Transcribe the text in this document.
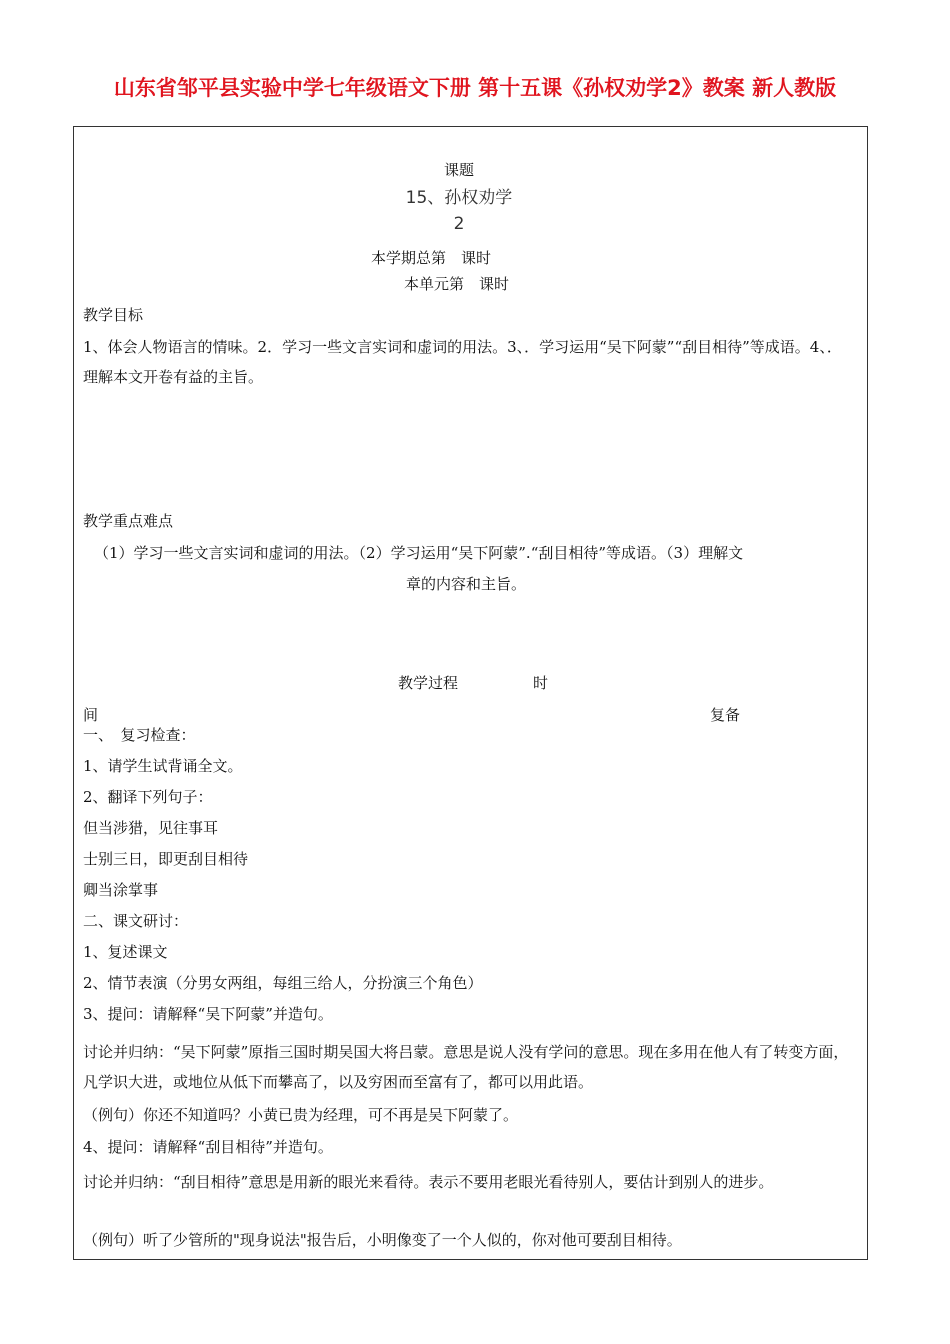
山东省邹平县实验中学七年级语文下册 第十五课《孙权劝学2》教案 新人教版
课题
15、孙权劝学
2
本学期总第　课时
本单元第　课时
教学目标
1、体会人物语言的情味。2．学习一些文言实词和虚词的用法。3、．学习运用“吴下阿蒙”“刮目相待”等成语。4、．理解本文开卷有益的主旨。
教学重点难点
（1）学习一些文言实词和虚词的用法。（2）学习运用“吴下阿蒙”.“刮目相待”等成语。（3）理解文
章的内容和主旨。
教学过程	时
间	复备
一、　复习检查：
1、请学生试背诵全文。
2、翻译下列句子：
但当涉猎，见往事耳
士别三日，即更刮目相待
卿当涂掌事
二、课文研讨：
1、复述课文
2、情节表演（分男女两组，每组三给人，分扮演三个角色）
3、提问：请解释“吴下阿蒙”并造句。
讨论并归纳：“吴下阿蒙”原指三国时期吴国大将吕蒙。意思是说人没有学问的意思。现在多用在他人有了转变方面，凡学识大进，或地位从低下而攀高了，以及穷困而至富有了，都可以用此语。
（例句）你还不知道吗？小黄已贵为经理，可不再是吴下阿蒙了。
4、提问：请解释“刮目相待”并造句。
讨论并归纳：“刮目相待”意思是用新的眼光来看待。表示不要用老眼光看待别人，要估计到别人的进步。
（例句）听了少管所的"现身说法"报告后，小明像变了一个人似的，你对他可要刮目相待。
